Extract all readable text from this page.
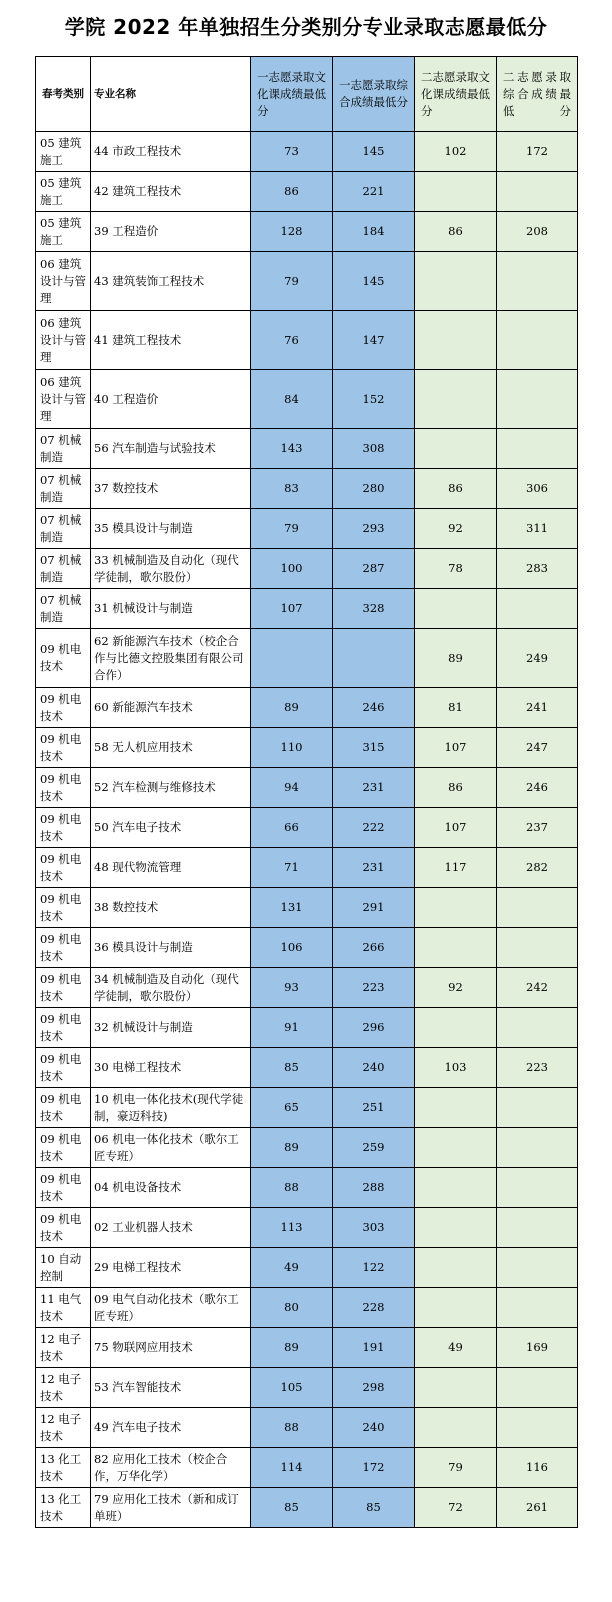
学院 2022 年单独招生分类别分专业录取志愿最低分
春考类别	专业名称	一志愿录取文化课成绩最低分	一志愿录取综合成绩最低分	二志愿录取文化课成绩最低分	二志愿录取综合成绩最低分
05 建筑施工	44 市政工程技术	73	145	102	172
05 建筑施工	42 建筑工程技术	86	221		
05 建筑施工	39 工程造价	128	184	86	208
06 建筑设计与管理	43 建筑装饰工程技术	79	145		
06 建筑设计与管理	41 建筑工程技术	76	147		
06 建筑设计与管理	40 工程造价	84	152		
07 机械制造	56 汽车制造与试验技术	143	308		
07 机械制造	37 数控技术	83	280	86	306
07 机械制造	35 模具设计与制造	79	293	92	311
07 机械制造	33 机械制造及自动化（现代学徒制，歌尔股份）	100	287	78	283
07 机械制造	31 机械设计与制造	107	328		
09 机电技术	62 新能源汽车技术（校企合作与比德文控股集团有限公司合作）			89	249
09 机电技术	60 新能源汽车技术	89	246	81	241
09 机电技术	58 无人机应用技术	110	315	107	247
09 机电技术	52 汽车检测与维修技术	94	231	86	246
09 机电技术	50 汽车电子技术	66	222	107	237
09 机电技术	48 现代物流管理	71	231	117	282
09 机电技术	38 数控技术	131	291		
09 机电技术	36 模具设计与制造	106	266		
09 机电技术	34 机械制造及自动化（现代学徒制，歌尔股份）	93	223	92	242
09 机电技术	32 机械设计与制造	91	296		
09 机电技术	30 电梯工程技术	85	240	103	223
09 机电技术	10 机电一体化技术(现代学徒制，豪迈科技)	65	251		
09 机电技术	06 机电一体化技术（歌尔工匠专班）	89	259		
09 机电技术	04 机电设备技术	88	288		
09 机电技术	02 工业机器人技术	113	303		
10 自动控制	29 电梯工程技术	49	122		
11 电气技术	09 电气自动化技术（歌尔工匠专班）	80	228		
12 电子技术	75 物联网应用技术	89	191	49	169
12 电子技术	53 汽车智能技术	105	298		
12 电子技术	49 汽车电子技术	88	240		
13 化工技术	82 应用化工技术（校企合作，万华化学）	114	172	79	116
13 化工技术	79 应用化工技术（新和成订单班）	85	85	72	261
